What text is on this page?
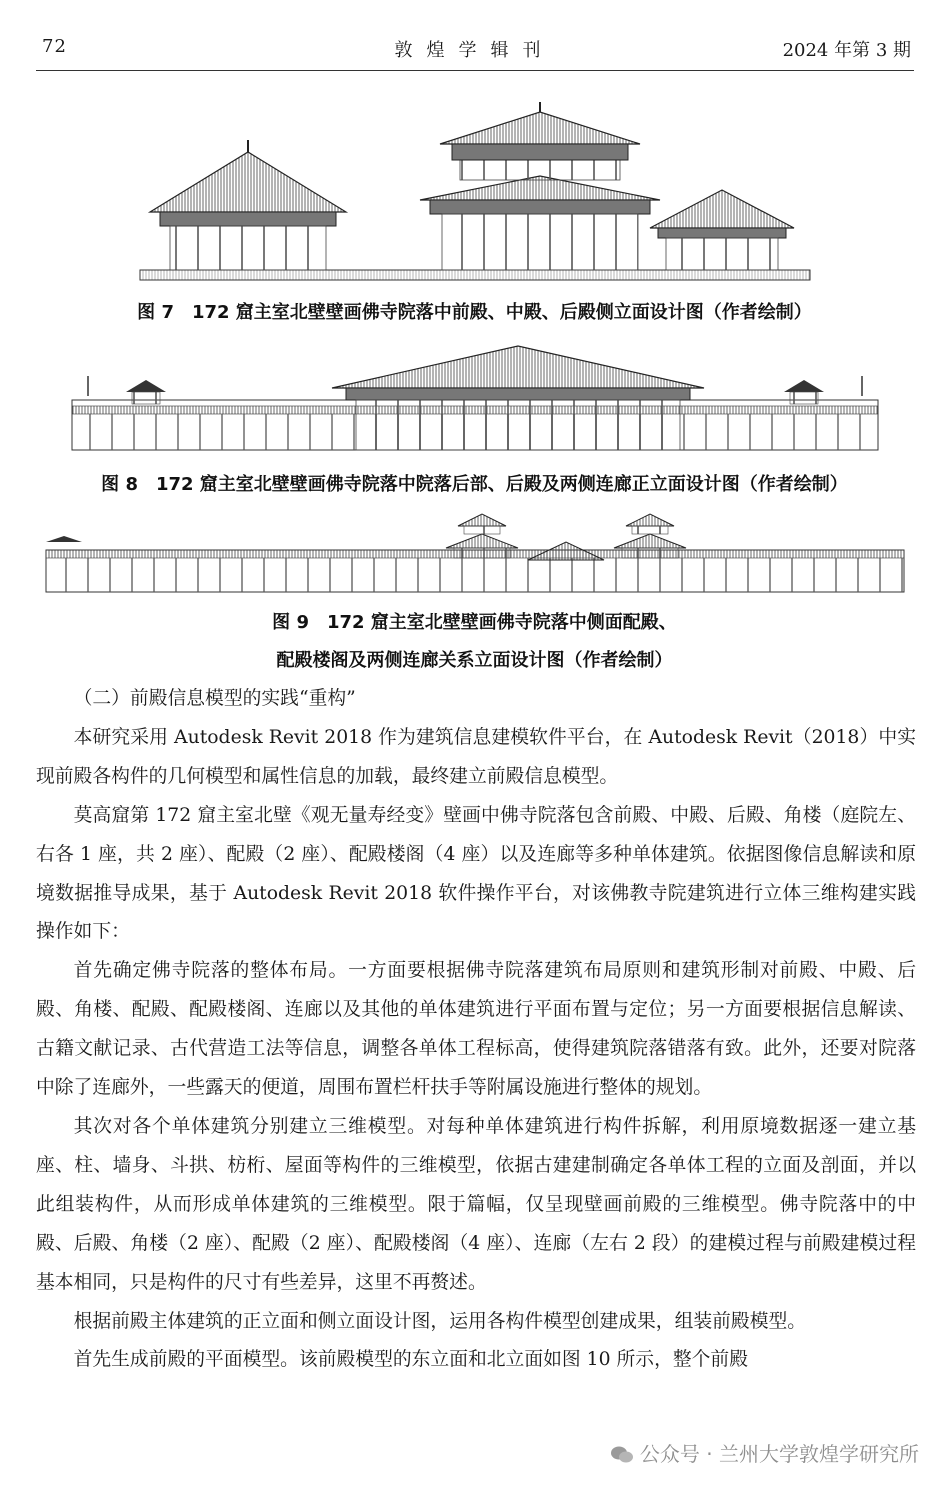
72	敦煌学辑刊	2024 年第 3 期
图 7 172 窟主室北壁壁画佛寺院落中前殿、中殿、后殿侧立面设计图（作者绘制）
图 8 172 窟主室北壁壁画佛寺院落中院落后部、后殿及两侧连廊正立面设计图（作者绘制）
图 9 172 窟主室北壁壁画佛寺院落中侧面配殿、
配殿楼阁及两侧连廊关系立面设计图（作者绘制）

（二）前殿信息模型的实践“重构”

本研究采用 Autodesk Revit 2018 作为建筑信息建模软件平台，在 Autodesk Revit（2018）中实现前殿各构件的几何模型和属性信息的加载，最终建立前殿信息模型。

莫高窟第 172 窟主室北壁《观无量寿经变》壁画中佛寺院落包含前殿、中殿、后殿、角楼（庭院左、右各 1 座，共 2 座）、配殿（2 座）、配殿楼阁（4 座）以及连廊等多种单体建筑。依据图像信息解读和原境数据推导成果，基于 Autodesk Revit 2018 软件操作平台，对该佛教寺院建筑进行立体三维构建实践操作如下：

首先确定佛寺院落的整体布局。一方面要根据佛寺院落建筑布局原则和建筑形制对前殿、中殿、后殿、角楼、配殿、配殿楼阁、连廊以及其他的单体建筑进行平面布置与定位；另一方面要根据信息解读、古籍文献记录、古代营造工法等信息，调整各单体工程标高，使得建筑院落错落有致。此外，还要对院落中除了连廊外，一些露天的便道，周围布置栏杆扶手等附属设施进行整体的规划。

其次对各个单体建筑分别建立三维模型。对每种单体建筑进行构件拆解，利用原境数据逐一建立基座、柱、墙身、斗拱、枋桁、屋面等构件的三维模型，依据古建建制确定各单体工程的立面及剖面，并以此组装构件，从而形成单体建筑的三维模型。限于篇幅，仅呈现壁画前殿的三维模型。佛寺院落中的中殿、后殿、角楼（2 座）、配殿（2 座）、配殿楼阁（4 座）、连廊（左右 2 段）的建模过程与前殿建模过程基本相同，只是构件的尺寸有些差异，这里不再赘述。

根据前殿主体建筑的正立面和侧立面设计图，运用各构件模型创建成果，组装前殿模型。

首先生成前殿的平面模型。该前殿模型的东立面和北立面如图 10 所示，整个前殿

公众号 · 兰州大学敦煌学研究所
